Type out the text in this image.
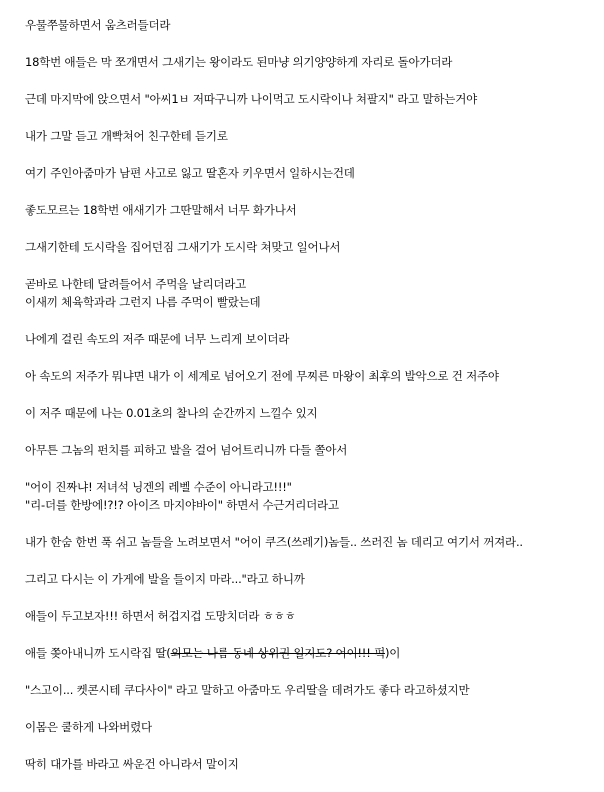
우물쭈물하면서 움츠러들더라

18학번 애들은 막 쪼개면서 그새기는 왕이라도 된마냥 의기양양하게 자리로 돌아가더라

근데 마지막에 앉으면서 "아씨1ㅂ 저따구니까 나이먹고 도시락이나 쳐팔지" 라고 말하는거야

내가 그말 듣고 개빡쳐어 친구한테 듣기로

여기 주인아줌마가 남편 사고로 잃고 딸혼자 키우면서 일하시는건데

좋도모르는 18학번 애새기가 그딴말해서 너무 화가나서

그새기한테 도시락을 집어던짐 그새기가 도시락 쳐맞고 일어나서

곧바로 나한테 달려들어서 주먹을 날리더라고
이새끼 체육학과라 그런지 나름 주먹이 빨랐는데

나에게 걸린 속도의 저주 때문에 너무 느리게 보이더라

아 속도의 저주가 뭐냐면 내가 이 세계로 넘어오기 전에 무찌른 마왕이 최후의 발악으로 건 저주야

이 저주 때문에 나는 0.01초의 찰나의 순간까지 느낄수 있지

아무튼 그놈의 펀치를 피하고 발을 걸어 넘어트리니까 다들 쫄아서

"어이 진짜냐! 저녀석 닝겐의 레벨 수준이 아니라고!!!"
"리-더를 한방에!?!? 아이즈 마지야바이" 하면서 수근거리더라고

내가 한숨 한번 푹 쉬고 놈들을 노려보면서 "어이 쿠즈(쓰레기)놈들.. 쓰러진 놈 데리고 여기서 꺼져라..

그리고 다시는 이 가게에 발을 들이지 마라..."라고 하니까

애들이 두고보자!!! 하면서 허겁지겁 도망치더라 ㅎㅎㅎ

애들 쫒아내니까 도시락집 딸(외모는 나름 동네 상위권 일지도? 어이!!! 퍽)이

"스고이... 켓콘시테 쿠다사이" 라고 말하고 아줌마도 우리딸을 데려가도 좋다 라고하셨지만

이몸은 쿨하게 나와버렸다

딱히 대가를 바라고 싸운건 아니라서 말이지
